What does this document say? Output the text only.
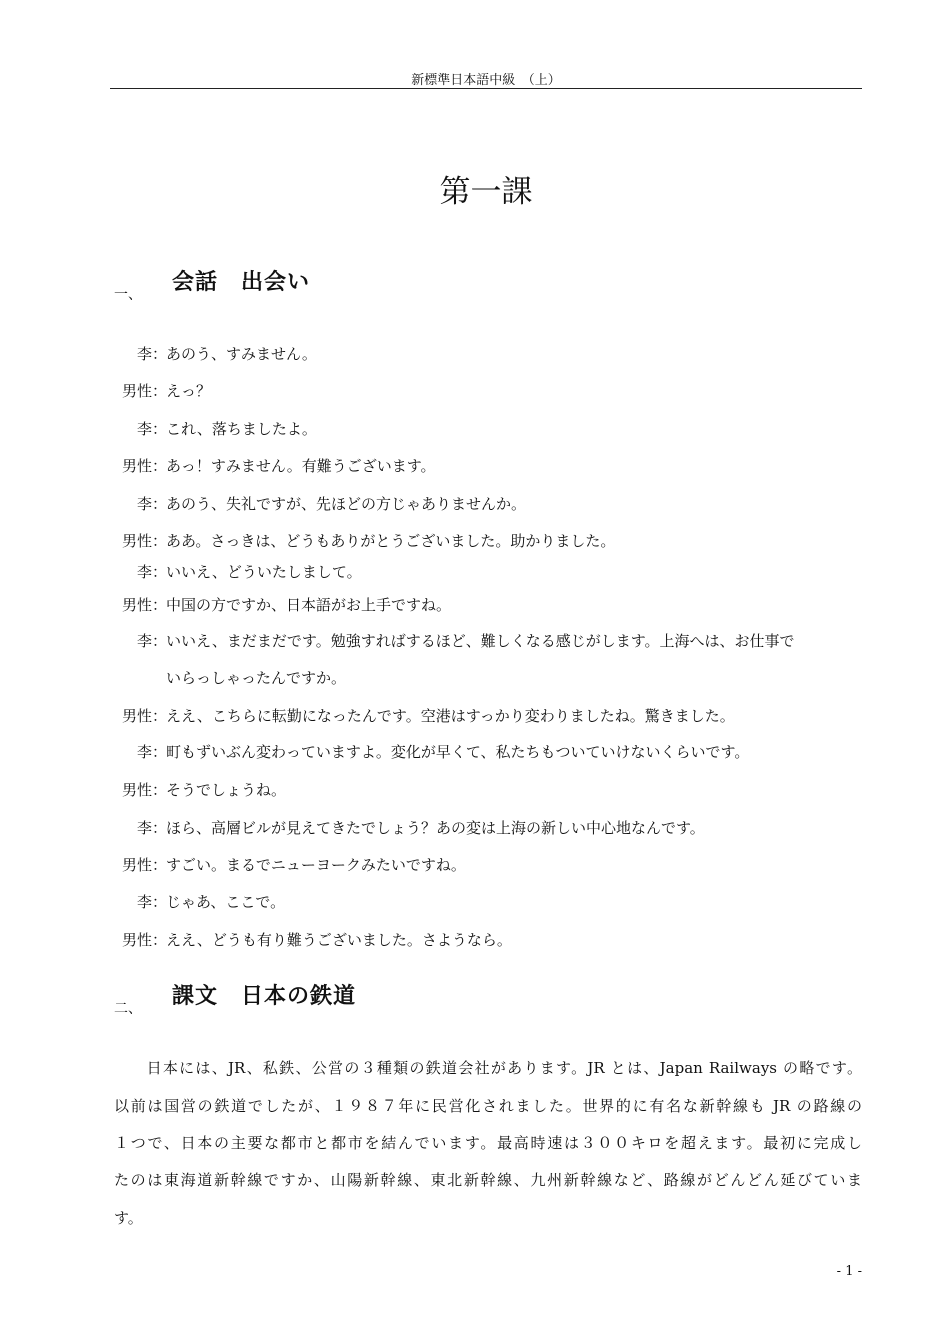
新標準日本語中級　（上）
第一課
一、 会話　出会い
李 ：
あのう、すみません。
男性 ：
えっ？
李 ：
これ、落ちましたよ。
男性 ：
あっ！すみません。有難うございます。
李 ：
あのう、失礼ですが、先ほどの方じゃありませんか。
男性 ：
ああ。さっきは、どうもありがとうございました。助かりました。
李 ：
いいえ、どういたしまして。
男性 ：
中国の方ですか、日本語がお上手ですね。
李 ：
いいえ、まだまだです。勉強すればするほど、難しくなる感じがします。上海へは、お仕事で
いらっしゃったんですか。
男性 ：
ええ、こちらに転勤になったんです。空港はすっかり変わりましたね。驚きました。
李 ：
町もずいぶん変わっていますよ。変化が早くて、私たちもついていけないくらいです。
男性 ：
そうでしょうね。
李 ：
ほら、高層ビルが見えてきたでしょう？あの変は上海の新しい中心地なんです。
男性 ：
すごい。まるでニューヨークみたいですね。
李 ：
じゃあ、ここで。
男性 ：
ええ、どうも有り難うございました。さようなら。
二、 課文　日本の鉄道
　　日本には、JR、私鉄、公営の３種類の鉄道会社があります。JR とは、Japan Railways の略です。
以前は国営の鉄道でしたが、１９８７年に民営化されました。世界的に有名な新幹線も JR の路線の
１つで、日本の主要な都市と都市を結んでいます。最高時速は３００キロを超えます。最初に完成し
たのは東海道新幹線ですか、山陽新幹線、東北新幹線、九州新幹線など、路線がどんどん延びていま
す。
- 1 -
